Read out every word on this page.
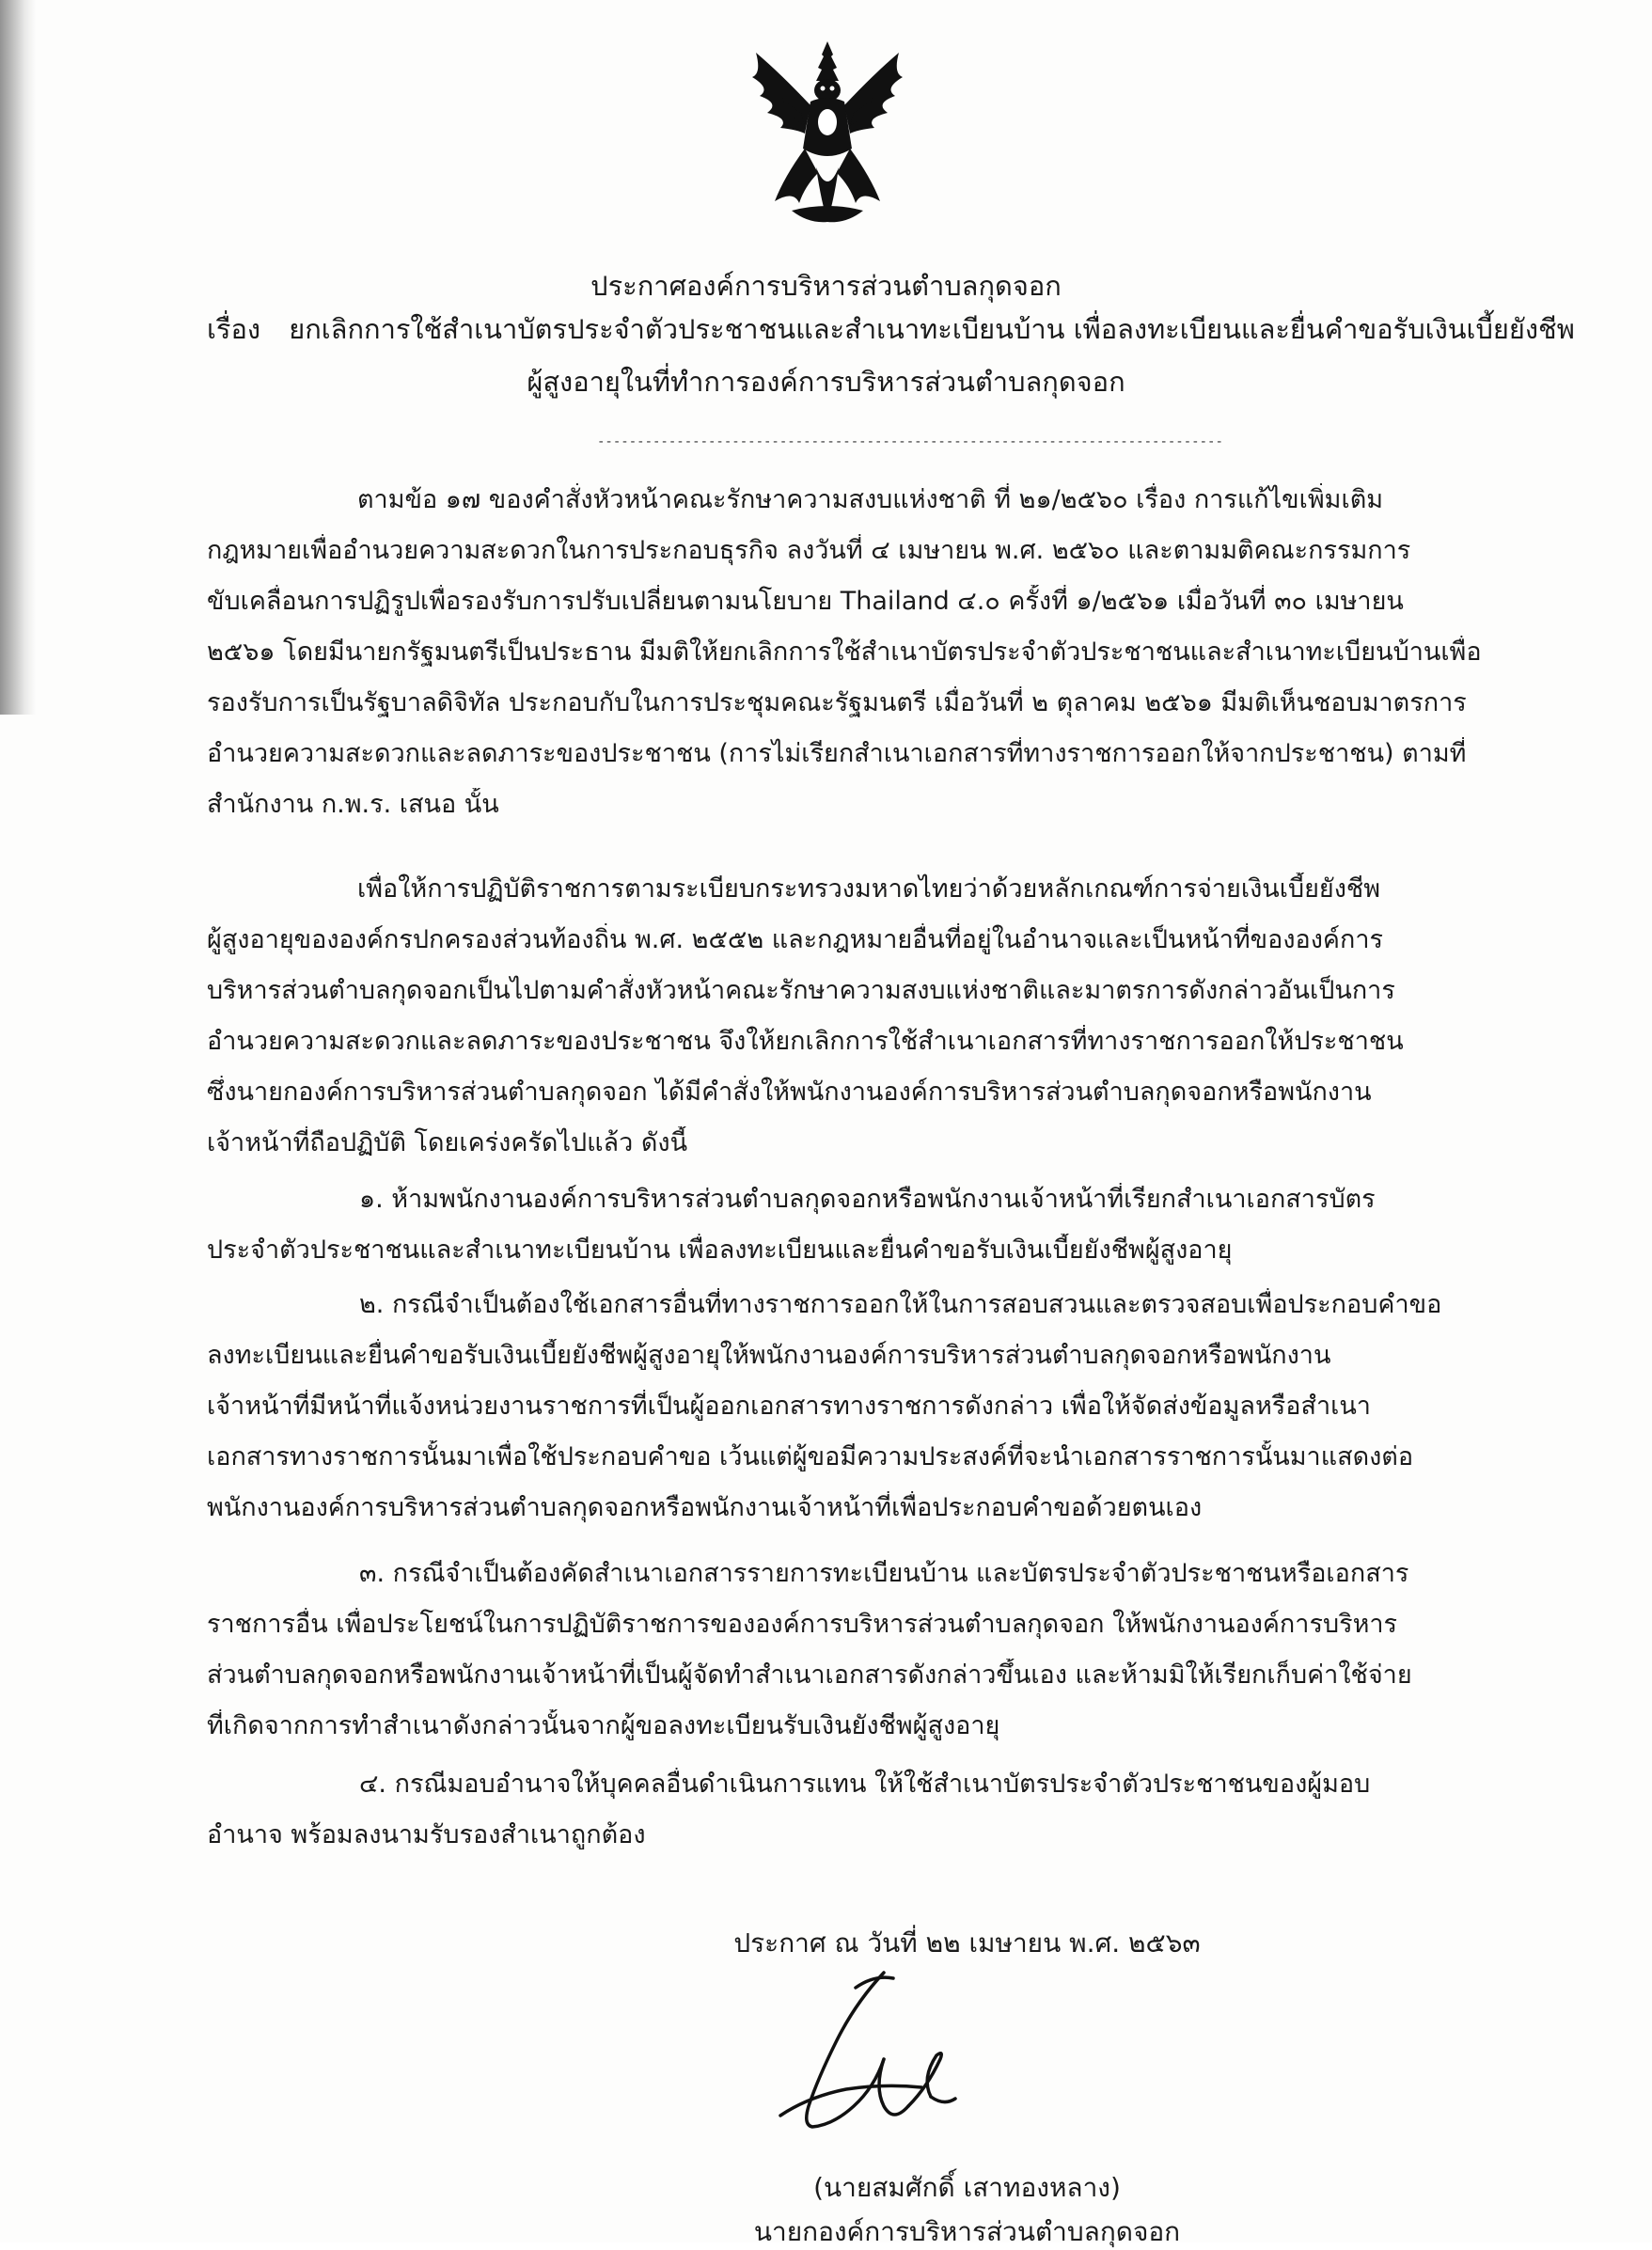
ประกาศองค์การบริหารส่วนตำบลกุดจอก
เรื่อง ยกเลิกการใช้สำเนาบัตรประจำตัวประชาชนและสำเนาทะเบียนบ้าน เพื่อลงทะเบียนและยื่นคำขอรับเงินเบี้ยยังชีพ
ผู้สูงอายุในที่ทำการองค์การบริหารส่วนตำบลกุดจอก
-------------------------------------------------------------------------------
ตามข้อ ๑๗ ของคำสั่งหัวหน้าคณะรักษาความสงบแห่งชาติ ที่ ๒๑/๒๕๖๐ เรื่อง การแก้ไขเพิ่มเติม
กฎหมายเพื่ออำนวยความสะดวกในการประกอบธุรกิจ ลงวันที่ ๔ เมษายน พ.ศ. ๒๕๖๐ และตามมติคณะกรรมการ
ขับเคลื่อนการปฏิรูปเพื่อรองรับการปรับเปลี่ยนตามนโยบาย Thailand ๔.๐ ครั้งที่ ๑/๒๕๖๑ เมื่อวันที่ ๓๐ เมษายน
๒๕๖๑ โดยมีนายกรัฐมนตรีเป็นประธาน มีมติให้ยกเลิกการใช้สำเนาบัตรประจำตัวประชาชนและสำเนาทะเบียนบ้านเพื่อ
รองรับการเป็นรัฐบาลดิจิทัล ประกอบกับในการประชุมคณะรัฐมนตรี เมื่อวันที่ ๒ ตุลาคม ๒๕๖๑ มีมติเห็นชอบมาตรการ
อำนวยความสะดวกและลดภาระของประชาชน (การไม่เรียกสำเนาเอกสารที่ทางราชการออกให้จากประชาชน) ตามที่
สำนักงาน ก.พ.ร. เสนอ นั้น
เพื่อให้การปฏิบัติราชการตามระเบียบกระทรวงมหาดไทยว่าด้วยหลักเกณฑ์การจ่ายเงินเบี้ยยังชีพ
ผู้สูงอายุขององค์กรปกครองส่วนท้องถิ่น พ.ศ. ๒๕๕๒ และกฎหมายอื่นที่อยู่ในอำนาจและเป็นหน้าที่ขององค์การ
บริหารส่วนตำบลกุดจอกเป็นไปตามคำสั่งหัวหน้าคณะรักษาความสงบแห่งชาติและมาตรการดังกล่าวอันเป็นการ
อำนวยความสะดวกและลดภาระของประชาชน จึงให้ยกเลิกการใช้สำเนาเอกสารที่ทางราชการออกให้ประชาชน
ซึ่งนายกองค์การบริหารส่วนตำบลกุดจอก ได้มีคำสั่งให้พนักงานองค์การบริหารส่วนตำบลกุดจอกหรือพนักงาน
เจ้าหน้าที่ถือปฏิบัติ โดยเคร่งครัดไปแล้ว ดังนี้
๑. ห้ามพนักงานองค์การบริหารส่วนตำบลกุดจอกหรือพนักงานเจ้าหน้าที่เรียกสำเนาเอกสารบัตร
ประจำตัวประชาชนและสำเนาทะเบียนบ้าน เพื่อลงทะเบียนและยื่นคำขอรับเงินเบี้ยยังชีพผู้สูงอายุ
๒. กรณีจำเป็นต้องใช้เอกสารอื่นที่ทางราชการออกให้ในการสอบสวนและตรวจสอบเพื่อประกอบคำขอ
ลงทะเบียนและยื่นคำขอรับเงินเบี้ยยังชีพผู้สูงอายุให้พนักงานองค์การบริหารส่วนตำบลกุดจอกหรือพนักงาน
เจ้าหน้าที่มีหน้าที่แจ้งหน่วยงานราชการที่เป็นผู้ออกเอกสารทางราชการดังกล่าว เพื่อให้จัดส่งข้อมูลหรือสำเนา
เอกสารทางราชการนั้นมาเพื่อใช้ประกอบคำขอ เว้นแต่ผู้ขอมีความประสงค์ที่จะนำเอกสารราชการนั้นมาแสดงต่อ
พนักงานองค์การบริหารส่วนตำบลกุดจอกหรือพนักงานเจ้าหน้าที่เพื่อประกอบคำขอด้วยตนเอง
๓. กรณีจำเป็นต้องคัดสำเนาเอกสารรายการทะเบียนบ้าน และบัตรประจำตัวประชาชนหรือเอกสาร
ราชการอื่น เพื่อประโยชน์ในการปฏิบัติราชการขององค์การบริหารส่วนตำบลกุดจอก ให้พนักงานองค์การบริหาร
ส่วนตำบลกุดจอกหรือพนักงานเจ้าหน้าที่เป็นผู้จัดทำสำเนาเอกสารดังกล่าวขึ้นเอง และห้ามมิให้เรียกเก็บค่าใช้จ่าย
ที่เกิดจากการทำสำเนาดังกล่าวนั้นจากผู้ขอลงทะเบียนรับเงินยังชีพผู้สูงอายุ
๔. กรณีมอบอำนาจให้บุคคลอื่นดำเนินการแทน ให้ใช้สำเนาบัตรประจำตัวประชาชนของผู้มอบ
อำนาจ พร้อมลงนามรับรองสำเนาถูกต้อง
ประกาศ ณ วันที่ ๒๒ เมษายน พ.ศ. ๒๕๖๓
(นายสมศักดิ์ เสาทองหลาง)
นายกองค์การบริหารส่วนตำบลกุดจอก
